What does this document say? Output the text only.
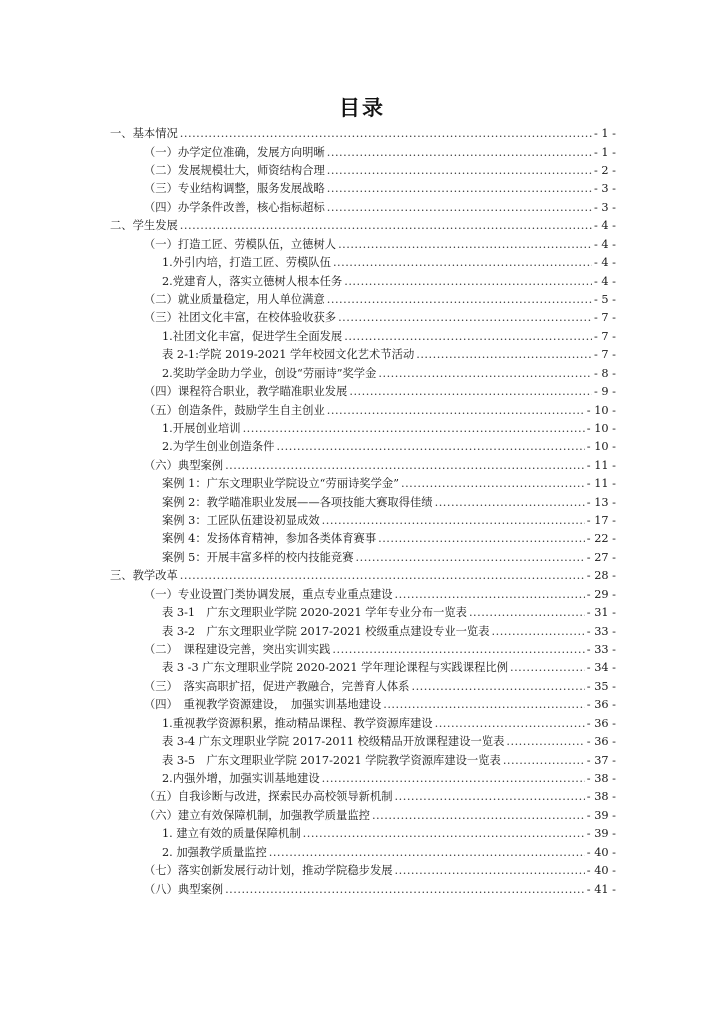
目录
一、基本情况 .....	- 1 -
（一）办学定位准确，发展方向明晰 .....	- 1 -
（二）发展规模壮大，师资结构合理 .....	- 2 -
（三）专业结构调整，服务发展战略 .....	- 3 -
（四）办学条件改善，核心指标超标 .....	- 3 -
二、学生发展 .....	- 4 -
（一）打造工匠、劳模队伍，立德树人 .....	- 4 -
1.外引内培，打造工匠、劳模队伍 .....	- 4 -
2.党建育人，落实立德树人根本任务 .....	- 4 -
（二）就业质量稳定，用人单位满意 .....	- 5 -
（三）社团文化丰富，在校体验收获多 .....	- 7 -
1.社团文化丰富，促进学生全面发展 .....	- 7 -
表 2-1:学院 2019-2021 学年校园文化艺术节活动 .....	- 7 -
2.奖助学金助力学业，创设“劳丽诗”奖学金 .....	- 8 -
（四）课程符合职业，教学瞄准职业发展 .....	- 9 -
（五）创造条件，鼓励学生自主创业 .....	- 10 -
1.开展创业培训 .....	- 10 -
2.为学生创业创造条件 .....	- 10 -
（六）典型案例 .....	- 11 -
案例 1：广东文理职业学院设立“劳丽诗奖学金” .....	- 11 -
案例 2：教学瞄准职业发展——各项技能大赛取得佳绩 .....	- 13 -
案例 3：工匠队伍建设初显成效 .....	- 17 -
案例 4：发扬体育精神，参加各类体育赛事 .....	- 22 -
案例 5：开展丰富多样的校内技能竞赛 .....	- 27 -
三、教学改革 .....	- 28 -
（一）专业设置门类协调发展，重点专业重点建设 .....	- 29 -
表 3-1　广东文理职业学院 2020-2021 学年专业分布一览表 .....	- 31 -
表 3-2　广东文理职业学院 2017-2021 校级重点建设专业一览表 .....	- 33 -
（二）　课程建设完善，突出实训实践 .....	- 33 -
表 3 -3 广东文理职业学院 2020-2021 学年理论课程与实践课程比例 .....	- 34 -
（三）　落实高职扩招，促进产教融合，完善育人体系 .....	- 35 -
（四）　重视教学资源建设，　加强实训基地建设 .....	- 36 -
1.重视教学资源积累，推动精品课程、教学资源库建设 .....	- 36 -
表 3-4 广东文理职业学院 2017-2011 校级精品开放课程建设一览表 .....	- 36 -
表 3-5　广东文理职业学院 2017-2021 学院教学资源库建设一览表 .....	- 37 -
2.内强外增，加强实训基地建设 .....	- 38 -
（五）自我诊断与改进，探索民办高校领导新机制 .....	- 38 -
（六）建立有效保障机制，加强教学质量监控 .....	- 39 -
1. 建立有效的质量保障机制 .....	- 39 -
2. 加强教学质量监控 .....	- 40 -
（七）落实创新发展行动计划，推动学院稳步发展 .....	- 40 -
（八）典型案例 .....	- 41 -
